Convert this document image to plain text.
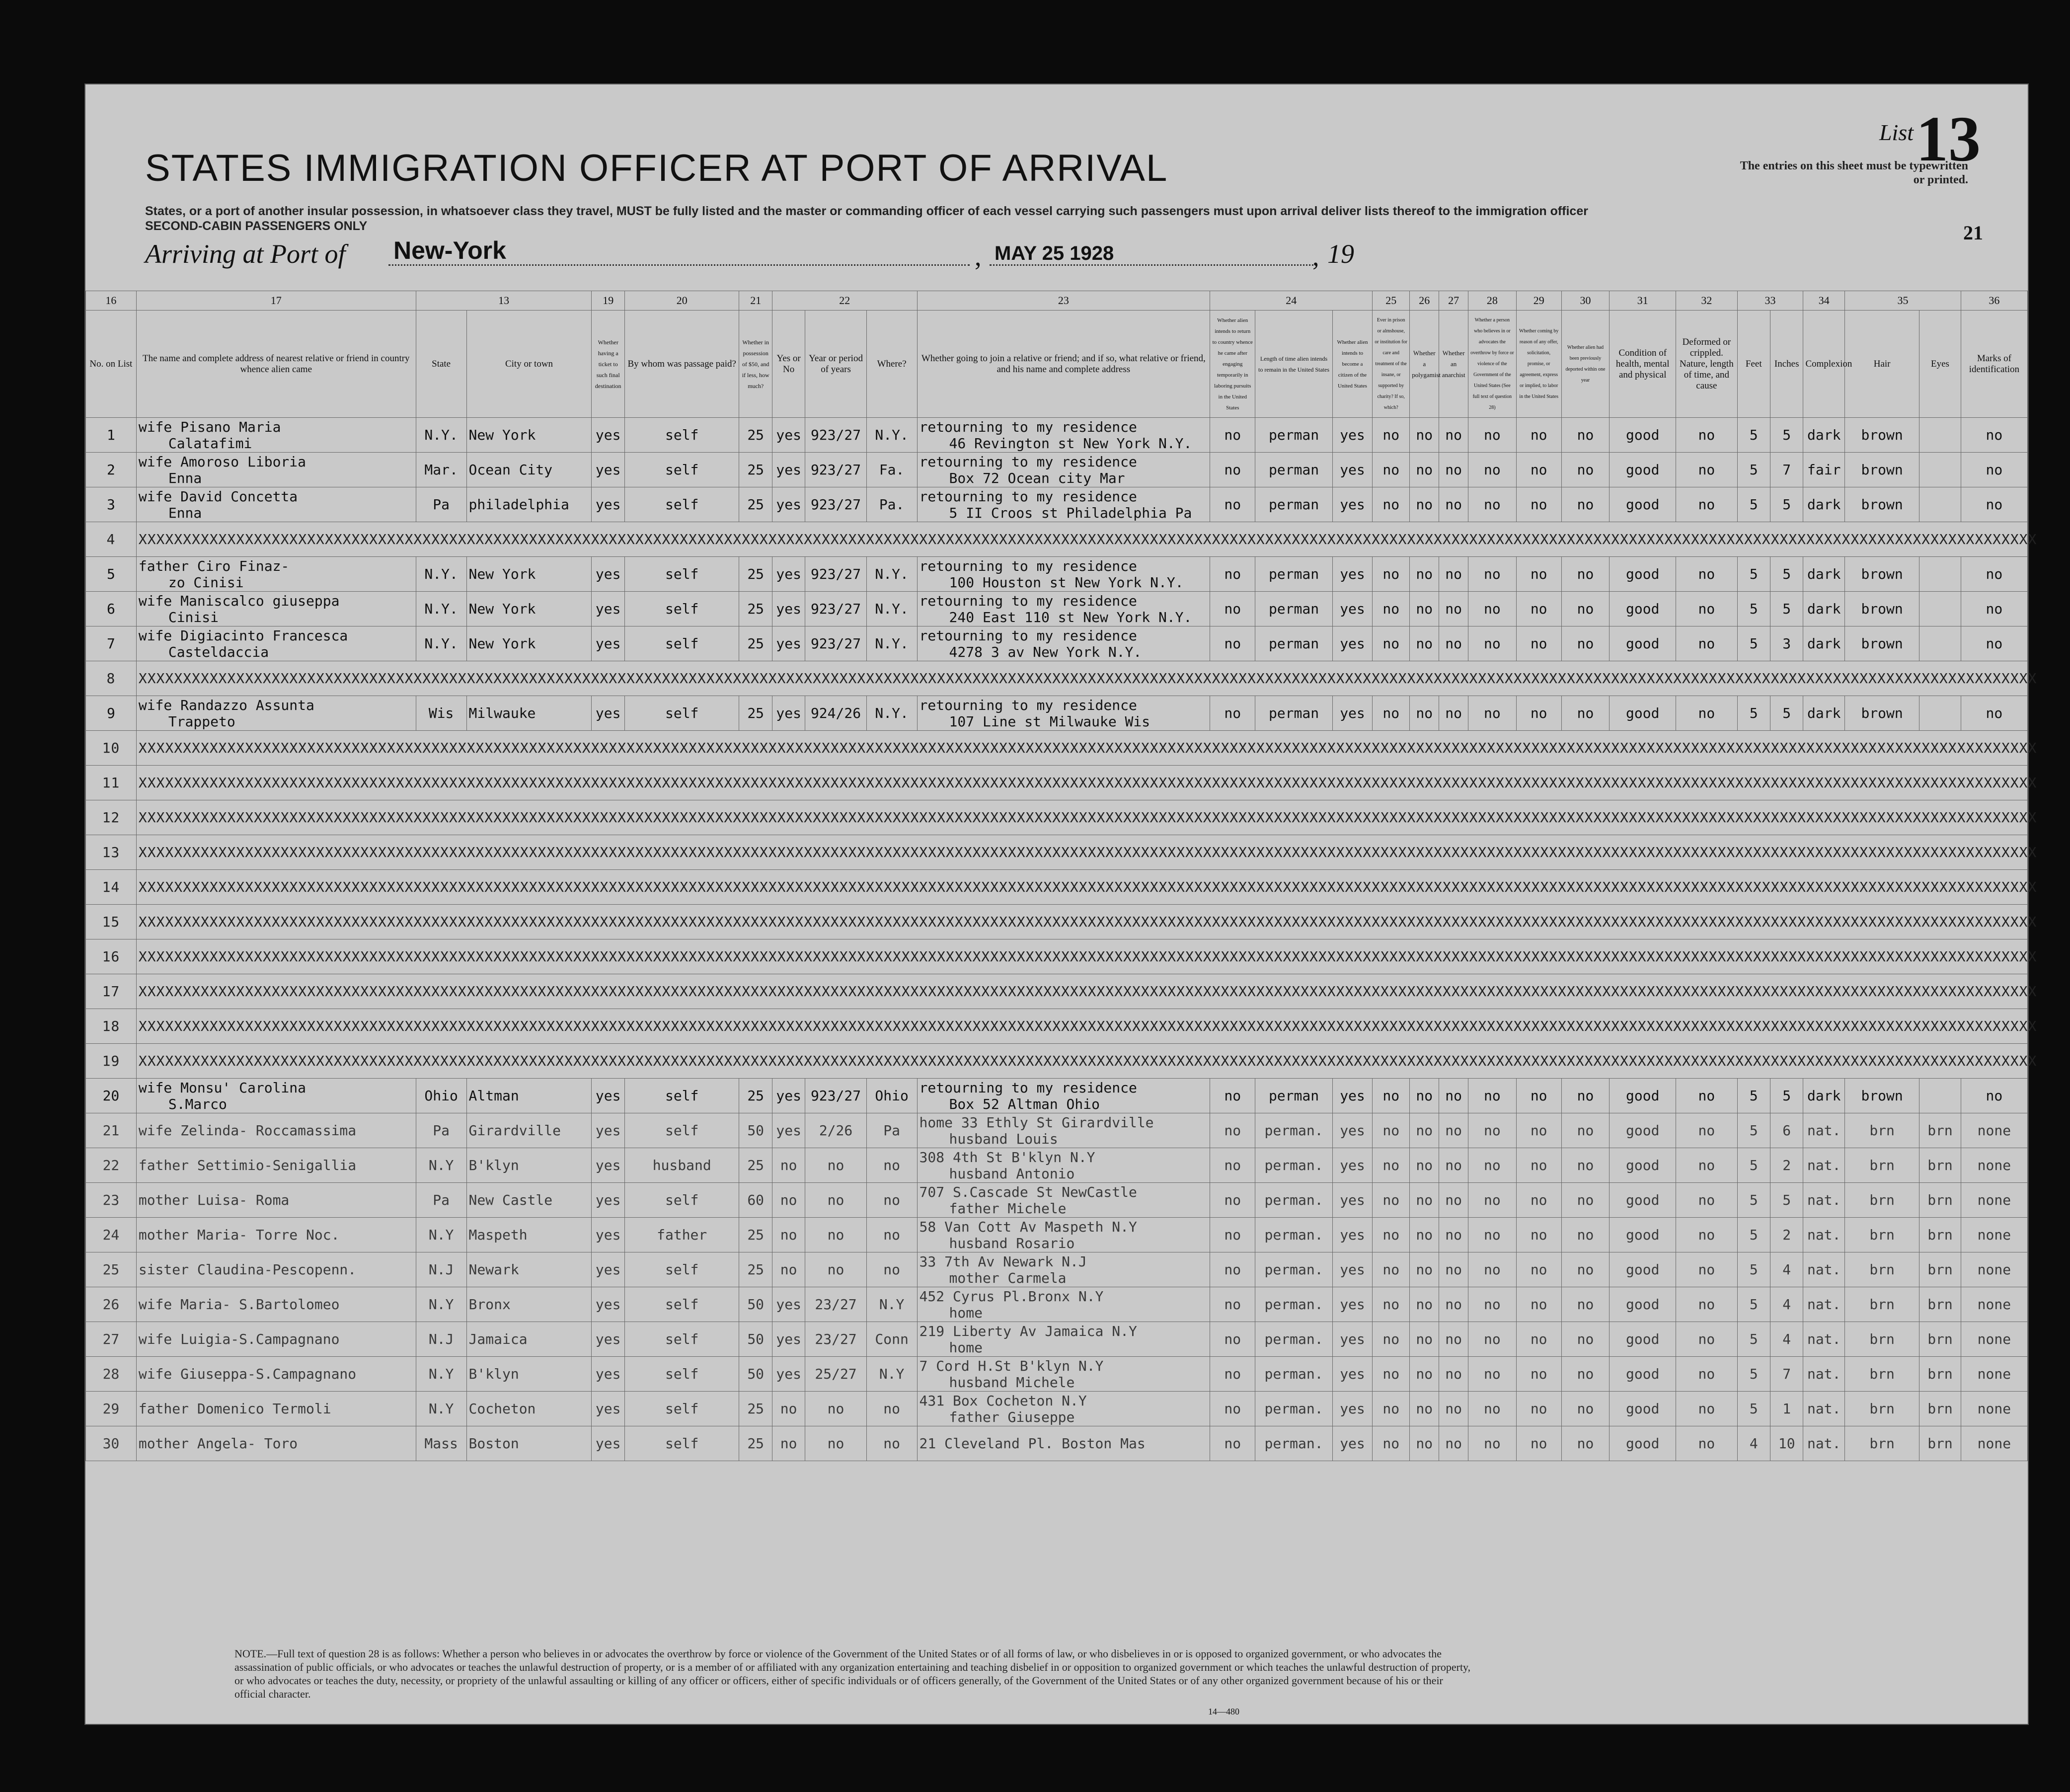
List 13
The entries on this sheet must be typewritten or printed.
STATES IMMIGRATION OFFICER AT PORT OF ARRIVAL
States, or a port of another insular possession, in whatsoever class they travel, MUST be fully listed and the master or commanding officer of each vessel carrying such passengers must upon arrival deliver lists thereof to the immigration officer
SECOND-CABIN PASSENGERS ONLY	21
Arriving at Port of New-York	, MAY 25 1928	, 19
16	17	13		19	20	21	22			23	24			25	26	27	28	29	30	31	32	33		34	35		36
No. on List	The name and complete address of nearest relative or friend in country whence alien came	State	City or town	Whether having a ticket to such final destination	By whom was passage paid?	Whether in possession of $50, and if less, how much?	Yes or No	Year or period of years	Where?	Whether going to join a relative or friend; and if so, what relative or friend, and his name and complete address	Whether alien intends to return to country whence he came after engaging temporarily in laboring pursuits in the United States	Length of time alien intends to remain in the United States	Whether alien intends to become a citizen of the United States	Ever in prison or almshouse, or institution for care and treatment of the insane, or supported by charity? If so, which?	Whether a polygamist	Whether an anarchist	Whether a person who believes in or advocates the overthrow by force or violence of the Government of the United States (See full text of question 28)	Whether coming by reason of any offer, solicitation, promise, or agreement, express or implied, to labor in the United States	Whether alien had been previously deported within one year	Condition of health, mental and physical	Deformed or crippled. Nature, length of time, and cause	Feet	Inches	Complexion	Hair	Eyes	Marks of identification
1	wife Pisano Maria
Calatafimi	N.Y.	New York	yes	self	25	yes	923/27	N.Y.	retourning to my residence
46 Revington st New York N.Y.	no	perman	yes	no	no	no	no	no	no	good	no	5	5	dark	brown		no
2	wife Amoroso Liboria
Enna	Mar.	Ocean City	yes	self	25	yes	923/27	Fa.	retourning to my residence
Box 72 Ocean city Mar	no	perman	yes	no	no	no	no	no	no	good	no	5	7	fair	brown		no
3	wife David Concetta
Enna	Pa	philadelphia	yes	self	25	yes	923/27	Pa.	retourning to my residence
5 II Croos st Philadelphia Pa	no	perman	yes	no	no	no	no	no	no	good	no	5	5	dark	brown		no
4	XXXXXXXXXXXXXXXXXXXXXXXXXXXXXXXXXXXXXXXXXXXXXXXXXXXXXXXXXXXXXXXXXXXXXXXXXXXXXXXXXXXXXXXXXXXXXXXXXXXXXXXXXXXXXXXXXXXXXXXXXXXXXXXXXXXXXXXXXXXXXXXXXXXXXXXXXXXXXXXXXXXXXXXXXXXXXXXXXXXXXXXXXXXXXXXXXXXXXXXXXXXXXXXXXXXXXX																										
5	father Ciro Finaz-
zo Cinisi	N.Y.	New York	yes	self	25	yes	923/27	N.Y.	retourning to my residence
100 Houston st New York N.Y.	no	perman	yes	no	no	no	no	no	no	good	no	5	5	dark	brown		no
6	wife Maniscalco giuseppa
Cinisi	N.Y.	New York	yes	self	25	yes	923/27	N.Y.	retourning to my residence
240 East 110 st New York N.Y.	no	perman	yes	no	no	no	no	no	no	good	no	5	5	dark	brown		no
7	wife Digiacinto Francesca
Casteldaccia	N.Y.	New York	yes	self	25	yes	923/27	N.Y.	retourning to my residence
4278 3 av New York N.Y.	no	perman	yes	no	no	no	no	no	no	good	no	5	3	dark	brown		no
8	XXXXXXXXXXXXXXXXXXXXXXXXXXXXXXXXXXXXXXXXXXXXXXXXXXXXXXXXXXXXXXXXXXXXXXXXXXXXXXXXXXXXXXXXXXXXXXXXXXXXXXXXXXXXXXXXXXXXXXXXXXXXXXXXXXXXXXXXXXXXXXXXXXXXXXXXXXXXXXXXXXXXXXXXXXXXXXXXXXXXXXXXXXXXXXXXXXXXXXXXXXXXXXXXXXXXXX																										
9	wife Randazzo Assunta
Trappeto	Wis	Milwauke	yes	self	25	yes	924/26	N.Y.	retourning to my residence
107 Line st Milwauke Wis	no	perman	yes	no	no	no	no	no	no	good	no	5	5	dark	brown		no
10	XXXXXXXXXXXXXXXXXXXXXXXXXXXXXXXXXXXXXXXXXXXXXXXXXXXXXXXXXXXXXXXXXXXXXXXXXXXXXXXXXXXXXXXXXXXXXXXXXXXXXXXXXXXXXXXXXXXXXXXXXXXXXXXXXXXXXXXXXXXXXXXXXXXXXXXXXXXXXXXXXXXXXXXXXXXXXXXXXXXXXXXXXXXXXXXXXXXXXXXXXXXXXXXXXXXXXX																										
11	XXXXXXXXXXXXXXXXXXXXXXXXXXXXXXXXXXXXXXXXXXXXXXXXXXXXXXXXXXXXXXXXXXXXXXXXXXXXXXXXXXXXXXXXXXXXXXXXXXXXXXXXXXXXXXXXXXXXXXXXXXXXXXXXXXXXXXXXXXXXXXXXXXXXXXXXXXXXXXXXXXXXXXXXXXXXXXXXXXXXXXXXXXXXXXXXXXXXXXXXXXXXXXXXXXXXXX																										
12	XXXXXXXXXXXXXXXXXXXXXXXXXXXXXXXXXXXXXXXXXXXXXXXXXXXXXXXXXXXXXXXXXXXXXXXXXXXXXXXXXXXXXXXXXXXXXXXXXXXXXXXXXXXXXXXXXXXXXXXXXXXXXXXXXXXXXXXXXXXXXXXXXXXXXXXXXXXXXXXXXXXXXXXXXXXXXXXXXXXXXXXXXXXXXXXXXXXXXXXXXXXXXXXXXXXXXX																										
13	XXXXXXXXXXXXXXXXXXXXXXXXXXXXXXXXXXXXXXXXXXXXXXXXXXXXXXXXXXXXXXXXXXXXXXXXXXXXXXXXXXXXXXXXXXXXXXXXXXXXXXXXXXXXXXXXXXXXXXXXXXXXXXXXXXXXXXXXXXXXXXXXXXXXXXXXXXXXXXXXXXXXXXXXXXXXXXXXXXXXXXXXXXXXXXXXXXXXXXXXXXXXXXXXXXXXXX																										
14	XXXXXXXXXXXXXXXXXXXXXXXXXXXXXXXXXXXXXXXXXXXXXXXXXXXXXXXXXXXXXXXXXXXXXXXXXXXXXXXXXXXXXXXXXXXXXXXXXXXXXXXXXXXXXXXXXXXXXXXXXXXXXXXXXXXXXXXXXXXXXXXXXXXXXXXXXXXXXXXXXXXXXXXXXXXXXXXXXXXXXXXXXXXXXXXXXXXXXXXXXXXXXXXXXXXXXX																										
15	XXXXXXXXXXXXXXXXXXXXXXXXXXXXXXXXXXXXXXXXXXXXXXXXXXXXXXXXXXXXXXXXXXXXXXXXXXXXXXXXXXXXXXXXXXXXXXXXXXXXXXXXXXXXXXXXXXXXXXXXXXXXXXXXXXXXXXXXXXXXXXXXXXXXXXXXXXXXXXXXXXXXXXXXXXXXXXXXXXXXXXXXXXXXXXXXXXXXXXXXXXXXXXXXXXXXXX																										
16	XXXXXXXXXXXXXXXXXXXXXXXXXXXXXXXXXXXXXXXXXXXXXXXXXXXXXXXXXXXXXXXXXXXXXXXXXXXXXXXXXXXXXXXXXXXXXXXXXXXXXXXXXXXXXXXXXXXXXXXXXXXXXXXXXXXXXXXXXXXXXXXXXXXXXXXXXXXXXXXXXXXXXXXXXXXXXXXXXXXXXXXXXXXXXXXXXXXXXXXXXXXXXXXXXXXXXX																										
17	XXXXXXXXXXXXXXXXXXXXXXXXXXXXXXXXXXXXXXXXXXXXXXXXXXXXXXXXXXXXXXXXXXXXXXXXXXXXXXXXXXXXXXXXXXXXXXXXXXXXXXXXXXXXXXXXXXXXXXXXXXXXXXXXXXXXXXXXXXXXXXXXXXXXXXXXXXXXXXXXXXXXXXXXXXXXXXXXXXXXXXXXXXXXXXXXXXXXXXXXXXXXXXXXXXXXXX																										
18	XXXXXXXXXXXXXXXXXXXXXXXXXXXXXXXXXXXXXXXXXXXXXXXXXXXXXXXXXXXXXXXXXXXXXXXXXXXXXXXXXXXXXXXXXXXXXXXXXXXXXXXXXXXXXXXXXXXXXXXXXXXXXXXXXXXXXXXXXXXXXXXXXXXXXXXXXXXXXXXXXXXXXXXXXXXXXXXXXXXXXXXXXXXXXXXXXXXXXXXXXXXXXXXXXXXXXX																										
19	XXXXXXXXXXXXXXXXXXXXXXXXXXXXXXXXXXXXXXXXXXXXXXXXXXXXXXXXXXXXXXXXXXXXXXXXXXXXXXXXXXXXXXXXXXXXXXXXXXXXXXXXXXXXXXXXXXXXXXXXXXXXXXXXXXXXXXXXXXXXXXXXXXXXXXXXXXXXXXXXXXXXXXXXXXXXXXXXXXXXXXXXXXXXXXXXXXXXXXXXXXXXXXXXXXXXXX																										
20	wife Monsu' Carolina
S.Marco	Ohio	Altman	yes	self	25	yes	923/27	Ohio	retourning to my residence
Box 52 Altman Ohio	no	perman	yes	no	no	no	no	no	no	good	no	5	5	dark	brown		no
21	wife Zelinda- Roccamassima	Pa	Girardville	yes	self	50	yes	2/26	Pa	home 33 Ethly St Girardville
husband Louis	no	perman.	yes	no	no	no	no	no	no	good	no	5	6	nat.	brn	brn	none
22	father Settimio-Senigallia	N.Y	B'klyn	yes	husband	25	no	no	no	308 4th St B'klyn N.Y
husband Antonio	no	perman.	yes	no	no	no	no	no	no	good	no	5	2	nat.	brn	brn	none
23	mother Luisa- Roma	Pa	New Castle	yes	self	60	no	no	no	707 S.Cascade St NewCastle
father Michele	no	perman.	yes	no	no	no	no	no	no	good	no	5	5	nat.	brn	brn	none
24	mother Maria- Torre Noc.	N.Y	Maspeth	yes	father	25	no	no	no	58 Van Cott Av Maspeth N.Y
husband Rosario	no	perman.	yes	no	no	no	no	no	no	good	no	5	2	nat.	brn	brn	none
25	sister Claudina-Pescopenn.	N.J	Newark	yes	self	25	no	no	no	33 7th Av Newark N.J
mother Carmela	no	perman.	yes	no	no	no	no	no	no	good	no	5	4	nat.	brn	brn	none
26	wife Maria- S.Bartolomeo	N.Y	Bronx	yes	self	50	yes	23/27	N.Y	452 Cyrus Pl.Bronx N.Y
home	no	perman.	yes	no	no	no	no	no	no	good	no	5	4	nat.	brn	brn	none
27	wife Luigia-S.Campagnano	N.J	Jamaica	yes	self	50	yes	23/27	Conn	219 Liberty Av Jamaica N.Y
home	no	perman.	yes	no	no	no	no	no	no	good	no	5	4	nat.	brn	brn	none
28	wife Giuseppa-S.Campagnano	N.Y	B'klyn	yes	self	50	yes	25/27	N.Y	7 Cord H.St B'klyn N.Y
husband Michele	no	perman.	yes	no	no	no	no	no	no	good	no	5	7	nat.	brn	brn	none
29	father Domenico Termoli	N.Y	Cocheton	yes	self	25	no	no	no	431 Box Cocheton N.Y
father Giuseppe	no	perman.	yes	no	no	no	no	no	no	good	no	5	1	nat.	brn	brn	none
30	mother Angela- Toro	Mass	Boston	yes	self	25	no	no	no	21 Cleveland Pl. Boston Mas	no	perman.	yes	no	no	no	no	no	no	good	no	4	10	nat.	brn	brn	none
NOTE.—Full text of question 28 is as follows: Whether a person who believes in or advocates the overthrow by force or violence of the Government of the United States or of all forms of law, or who disbelieves in or is opposed to organized government, or who advocates the assassination of public officials, or who advocates or teaches the unlawful destruction of property, or is a member of or affiliated with any organization entertaining and teaching disbelief in or opposition to organized government or which teaches the unlawful destruction of property, or who advocates or teaches the duty, necessity, or propriety of the unlawful assaulting or killing of any officer or officers, either of specific individuals or of officers generally, of the Government of the United States or of any other organized government because of his or their official character.
14—480
